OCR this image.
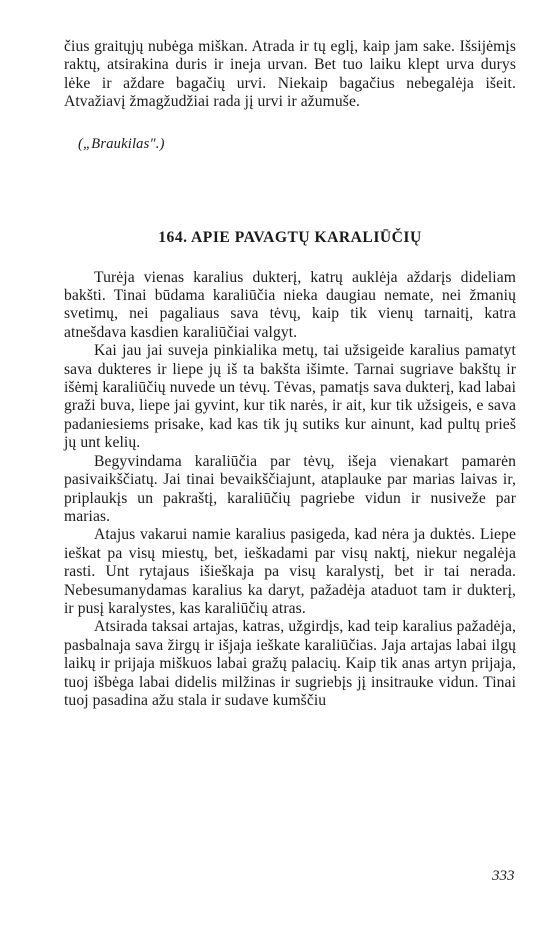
čius graitųjų nubėga miškan. Atrada ir tų eglį, kaip jam sake. Išsijėmįs raktų, atsirakina duris ir ineja urvan. Bet tuo laiku klept urva durys lėke ir aždare bagačių urvi. Niekaip bagačius nebegalėja išeit. Atvažiavį žmagžudžiai rada jį urvi ir ažumuše.

(„Braukilas".)

164. APIE PAVAGTŲ KARALIŪČIŲ

Turėja vienas karalius dukterį, katrų auklėja aždarįs dideliam bakšti. Tinai būdama karaliūčia nieka daugiau nemate, nei žmanių svetimų, nei pagaliaus sava tėvų, kaip tik vienų tarnaitį, katra atnešdava kasdien karaliūčiai valgyt.

Kai jau jai suveja pinkialika metų, tai užsigeide karalius pamatyt sava dukteres ir liepe jų iš ta bakšta išimte. Tarnai sugriave bakštų ir išėmį karaliūčių nuvede un tėvų. Tėvas, pamatįs sava dukterį, kad labai graži buva, liepe jai gyvint, kur tik narės, ir ait, kur tik užsigeis, e sava padaniesiems prisake, kad kas tik jų sutiks kur ainunt, kad pultų prieš jų unt kelių.

Begyvindama karaliūčia par tėvų, išeja vienakart pamarėn pasivaikščiatų. Jai tinai bevaikščiajunt, ataplauke par marias laivas ir, priplaukįs un pakraštį, karaliūčių pagriebe vidun ir nusiveže par marias.

Atajus vakarui namie karalius pasigeda, kad nėra ja duktės. Liepe ieškat pa visų miestų, bet, ieškadami par visų naktį, niekur negalėja rasti. Unt rytajaus išieškaja pa visų karalystį, bet ir tai nerada. Nebesumanydamas karalius ka daryt, pažadėja ataduot tam ir dukterį, ir pusį karalystes, kas karaliūčių atras.

Atsirada taksai artajas, katras, užgirdįs, kad teip karalius pažadėja, pasbalnaja sava žirgų ir išjaja ieškate karaliūčias. Jaja artajas labai ilgų laikų ir prijaja miškuos labai gražų palacių. Kaip tik anas artyn prijaja, tuoj išbėga labai didelis milžinas ir sugriebįs jį insitrauke vidun. Tinai tuoj pasadina ažu stala ir sudave kumščiu

333
